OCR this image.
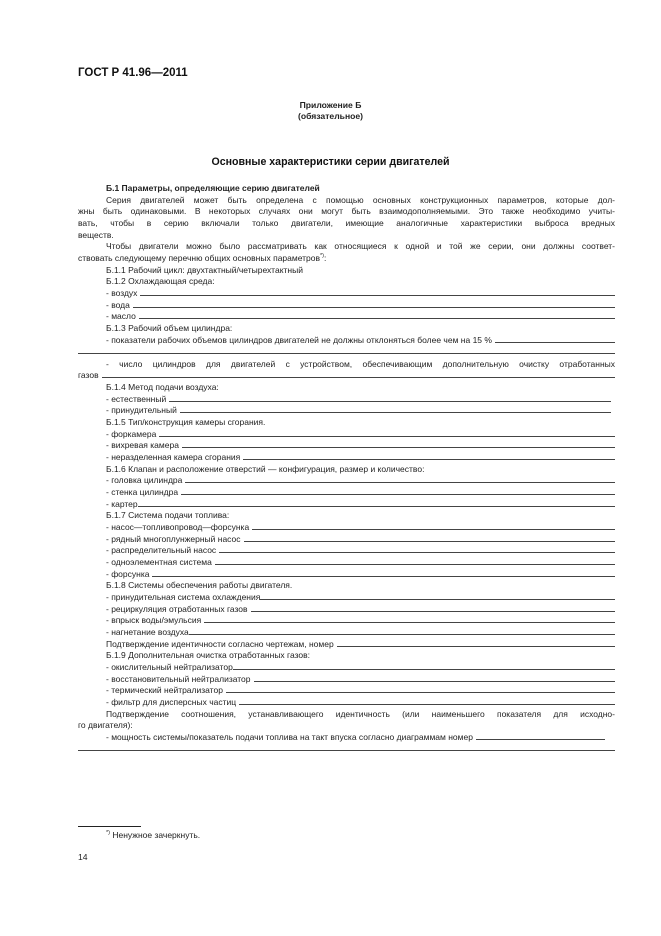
ГОСТ Р 41.96—2011
Приложение Б
(обязательное)
Основные характеристики серии двигателей
Б.1 Параметры, определяющие серию двигателей
Серия двигателей может быть определена с помощью основных конструкционных параметров, которые дол-
жны быть одинаковыми. В некоторых случаях они могут быть взаимодополняемыми. Это также необходимо учиты-
вать, чтобы в серию включали только двигатели, имеющие аналогичные характеристики выброса вредных
веществ.
Чтобы двигатели можно было рассматривать как относящиеся к одной и той же серии, они должны соответ-
ствовать следующему перечню общих основных параметров*):
Б.1.1 Рабочий цикл: двухтактный/четырехтактный
Б.1.2 Охлаждающая среда:
- воздух
- вода
- масло
Б.1.3 Рабочий объем цилиндра:
- показатели рабочих объемов цилиндров двигателей не должны отклоняться более чем на 15 %
- число цилиндров для двигателей с устройством, обеспечивающим дополнительную очистку отработанных
газов
Б.1.4 Метод подачи воздуха:
- естественный
- принудительный
Б.1.5 Тип/конструкция камеры сгорания.
- форкамера
- вихревая камера
- неразделенная камера сгорания
Б.1.6 Клапан и расположение отверстий — конфигурация, размер и количество:
- головка цилиндра
- стенка цилиндра
- картер
Б.1.7 Система подачи топлива:
- насос—топливопровод—форсунка
- рядный многоплунжерный насос
- распределительный насос
- одноэлементная система
- форсунка
Б.1.8 Системы обеспечения работы двигателя.
- принудительная система охлаждения
- рециркуляция отработанных газов
- впрыск воды/эмульсия
- нагнетание воздуха
Подтверждение идентичности согласно чертежам, номер
Б.1.9 Дополнительная очистка отработанных газов:
- окислительный нейтрализатор
- восстановительный нейтрализатор
- термический нейтрализатор
- фильтр для дисперсных частиц
Подтверждение соотношения, устанавливающего идентичность (или наименьшего показателя для исходно-
го двигателя):
- мощность системы/показатель подачи топлива на такт впуска согласно диаграммам номер
*) Ненужное зачеркнуть.
14
